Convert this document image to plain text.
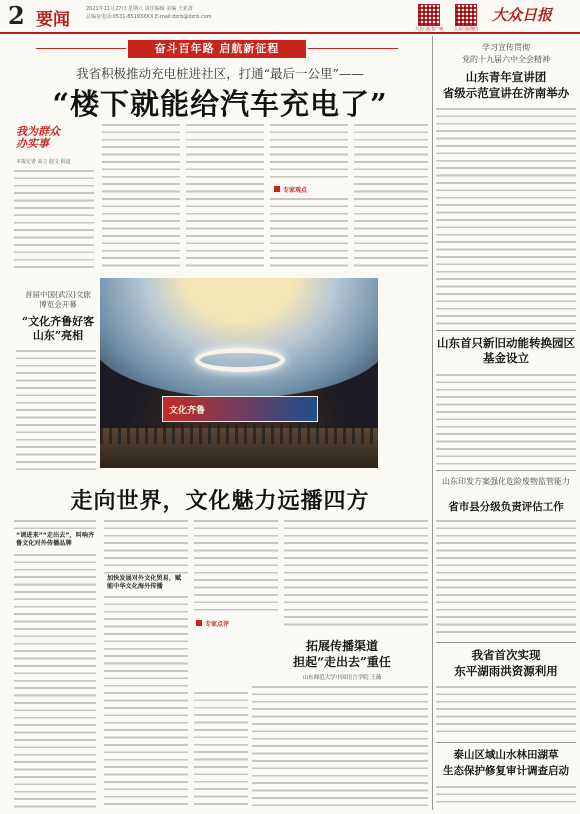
2 要闻
2021年11月27日 星期六 责任编辑 美编 王亚清
总编室电话:0531-85193XXX E-mail:dzrb@dzrb.com
大众日报客户端	大众日报微信
大众日报
奋斗百年路 启航新征程
我省积极推动充电桩进社区，打通“最后一公里”——
“楼下就能给汽车充电了”
我为群众办实事
本报记者 高立 赵文 报道
专家观点
首届中国(武汉)文旅博览会开幕
“文化齐鲁好客山东”亮相
文化齐鲁
走向世界，文化魅力远播四方
“请进来”“走出去”，叫响齐鲁文化对外传播品牌
加快发展对外文化贸易，赋能中华文化海外传播
专家点评
拓展传播渠道
担起“走出去”重任
山东师范大学中国语言学院 王薇
学习宣传贯彻
党的十九届六中全会精神
山东青年宣讲团
省级示范宣讲在济南举办
山东首只新旧动能转换园区基金设立
山东印发方案强化危险废物监管能力
省市县分级负责评估工作
我省首次实现
东平湖雨洪资源利用
泰山区域山水林田湖草
生态保护修复审计调查启动
